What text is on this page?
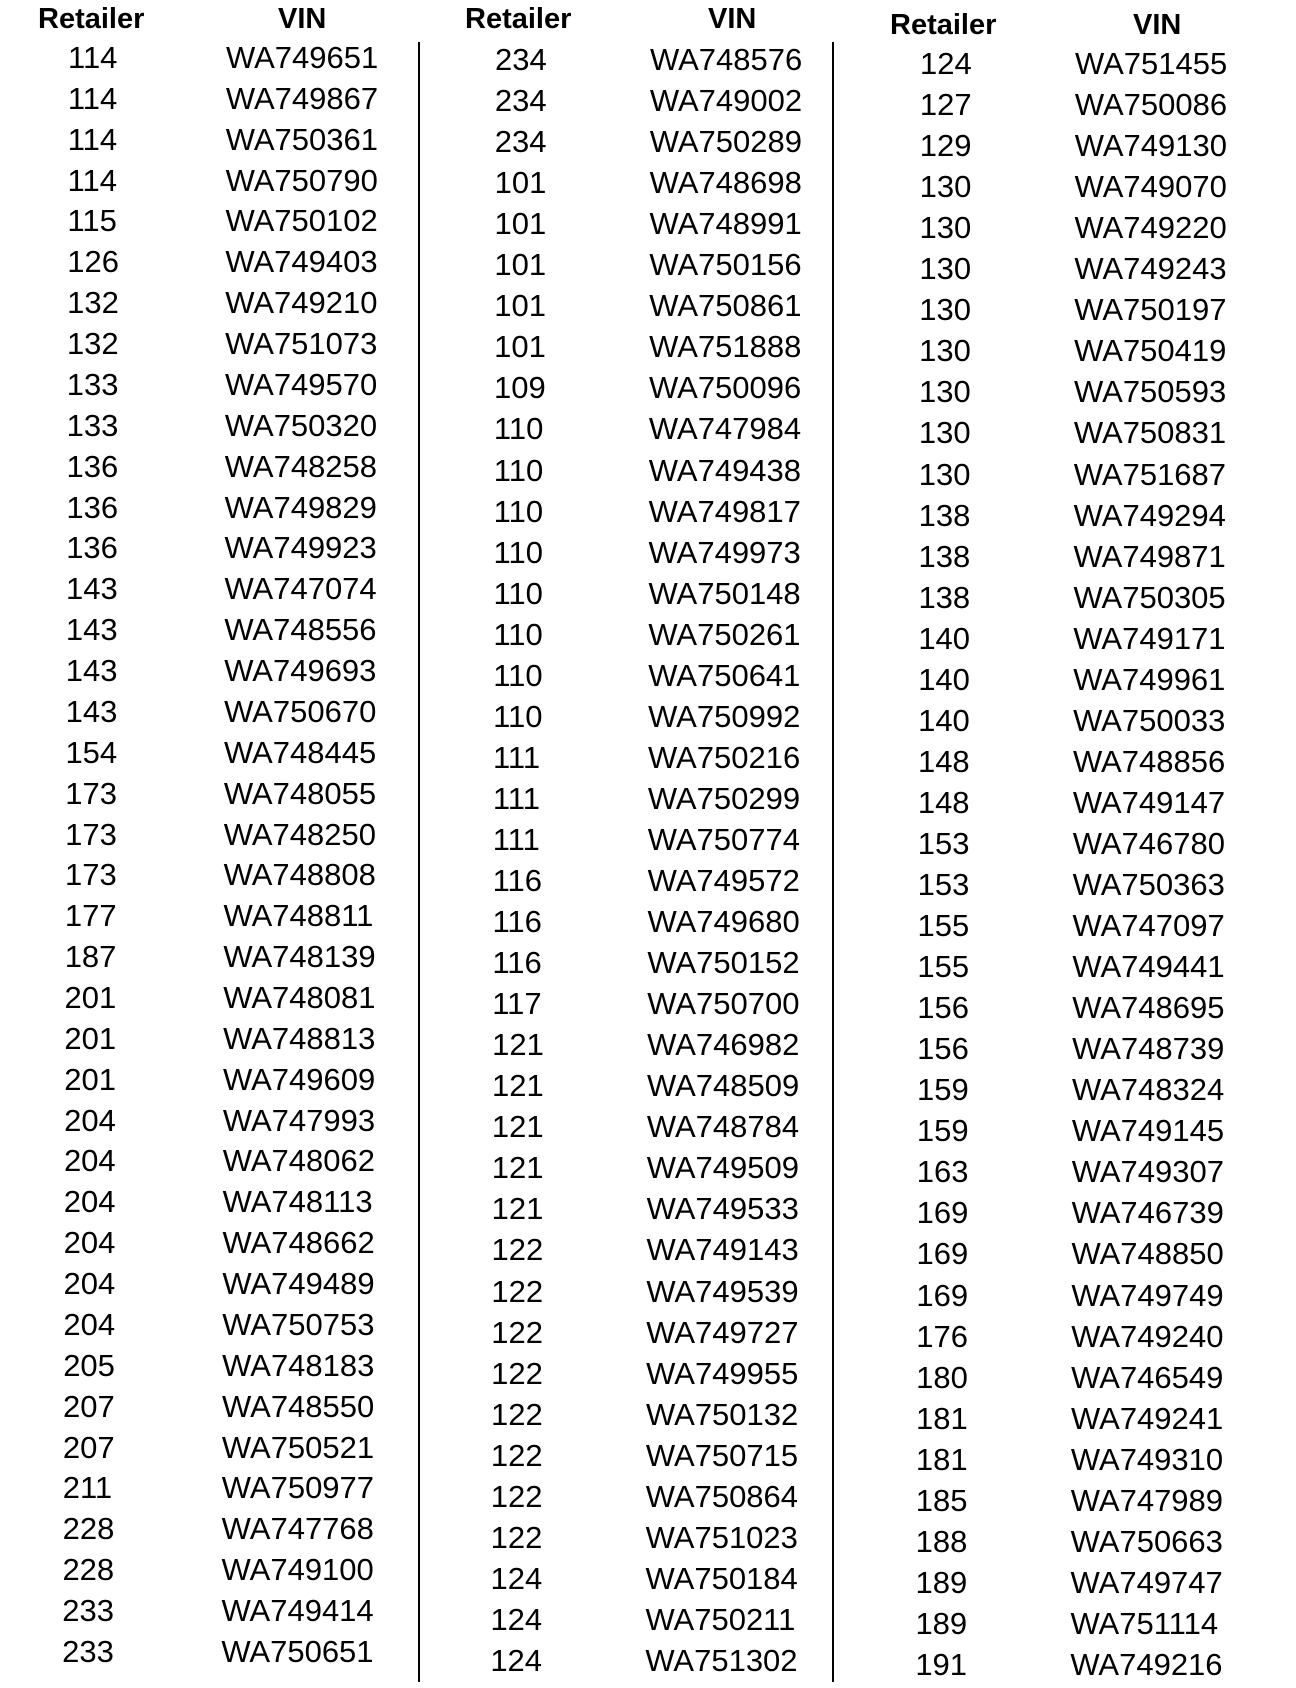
Retailer	VIN
114	WA749651
114	WA749867
114	WA750361
114	WA750790
115	WA750102
126	WA749403
132	WA749210
132	WA751073
133	WA749570
133	WA750320
136	WA748258
136	WA749829
136	WA749923
143	WA747074
143	WA748556
143	WA749693
143	WA750670
154	WA748445
173	WA748055
173	WA748250
173	WA748808
177	WA748811
187	WA748139
201	WA748081
201	WA748813
201	WA749609
204	WA747993
204	WA748062
204	WA748113
204	WA748662
204	WA749489
204	WA750753
205	WA748183
207	WA748550
207	WA750521
211	WA750977
228	WA747768
228	WA749100
233	WA749414
233	WA750651
Retailer	VIN
234	WA748576
234	WA749002
234	WA750289
101	WA748698
101	WA748991
101	WA750156
101	WA750861
101	WA751888
109	WA750096
110	WA747984
110	WA749438
110	WA749817
110	WA749973
110	WA750148
110	WA750261
110	WA750641
110	WA750992
111	WA750216
111	WA750299
111	WA750774
116	WA749572
116	WA749680
116	WA750152
117	WA750700
121	WA746982
121	WA748509
121	WA748784
121	WA749509
121	WA749533
122	WA749143
122	WA749539
122	WA749727
122	WA749955
122	WA750132
122	WA750715
122	WA750864
122	WA751023
124	WA750184
124	WA750211
124	WA751302
Retailer	VIN
124	WA751455
127	WA750086
129	WA749130
130	WA749070
130	WA749220
130	WA749243
130	WA750197
130	WA750419
130	WA750593
130	WA750831
130	WA751687
138	WA749294
138	WA749871
138	WA750305
140	WA749171
140	WA749961
140	WA750033
148	WA748856
148	WA749147
153	WA746780
153	WA750363
155	WA747097
155	WA749441
156	WA748695
156	WA748739
159	WA748324
159	WA749145
163	WA749307
169	WA746739
169	WA748850
169	WA749749
176	WA749240
180	WA746549
181	WA749241
181	WA749310
185	WA747989
188	WA750663
189	WA749747
189	WA751114
191	WA749216
